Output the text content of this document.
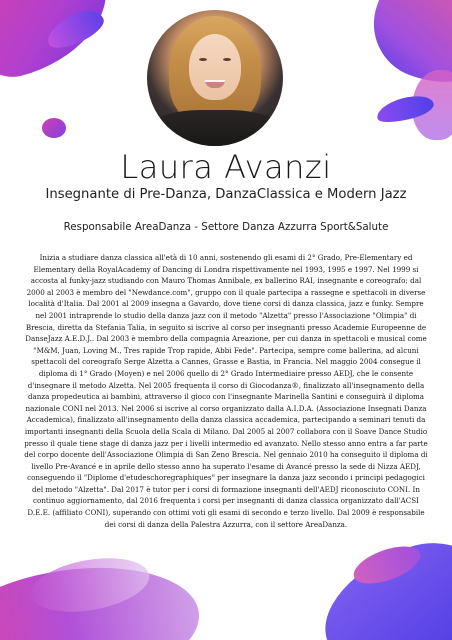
Laura Avanzi
Insegnante di Pre-Danza, DanzaClassica e Modern Jazz
Responsabile AreaDanza - Settore Danza Azzurra Sport&Salute

Inizia a studiare danza classica all'età di 10 anni, sostenendo gli esami di 2° Grado, Pre-Elementary ed Elementary della RoyalAcademy of Dancing di Londra rispettivamente nel 1993, 1995 e 1997. Nel 1999 si accosta al funky-jazz studiando con Mauro Thomas Annibale, ex ballerino RAI, insegnante e coreografo; dal 2000 al 2003 è membro del "Newdance.com", gruppo con il quale partecipa a rassegne e spettacoli in diverse località d'Italia. Dal 2001 al 2009 insegna a Gavardo, dove tiene corsi di danza classica, jazz e funky. Sempre nel 2001 intraprende lo studio della danza jazz con il metodo "Alzetta" presso l'Associazione "Olimpia" di Brescia, diretta da Stefania Talia, in seguito si iscrive al corso per insegnanti presso Academie Europeenne de DanseJazz A.E.D.J.. Dal 2003 è membro della compagnia Areazione, per cui danza in spettacoli e musical come "M&M, Juan, Loving M., Tres rapide Trop rapide, Abbi Fede". Partecipa, sempre come ballerina, ad alcuni spettacoli del coreografo Serge Alzetta a Cannes, Grasse e Bastia, in Francia. Nel maggio 2004 consegue il diploma di 1° Grado (Moyen) e nel 2006 quello di 2° Grado Intermediaire presso AEDJ, che le consente d'insegnare il metodo Alzetta. Nel 2005 frequenta il corso di Giocodanza®, finalizzato all'insegnamento della danza propedeutica ai bambini, attraverso il gioco con l'insegnante Marinella Santini e conseguirà il diploma nazionale CONI nel 2013. Nel 2006 si iscrive al corso organizzato dalla A.I.D.A. (Associazione Insegnati Danza Accademica), finalizzato all'insegnamento della danza classica accademica, partecipando a seminari tenuti da importanti insegnanti della Scuola della Scala di Milano. Dal 2005 al 2007 collabora con il Soave Dance Studio presso il quale tiene stage di danza jazz per i livelli intermedio ed avanzato. Nello stesso anno entra a far parte del corpo docente dell'Associazione Olimpia di San Zeno Brescia. Nel gennaio 2010 ha conseguito il diploma di livello Pre-Avancé e in aprile dello stesso anno ha superato l'esame di Avancé presso la sede di Nizza AEDJ, conseguendo il "Diplome d'etudeschoregraphiques" per insegnare la danza jazz secondo i principi pedagogici del metodo "Alzetta". Dal 2017 è tutor per i corsi di formazione insegnanti dell'AEDJ riconosciuto CONI. In continuo aggiornamento, dal 2016 frequenta i corsi per insegnanti di danza classica organizzato dall'ACSI D.E.E. (affiliato CONI), superando con ottimi voti gli esami di secondo e terzo livello. Dal 2009 è responsabile dei corsi di danza della Palestra Azzurra, con il settore AreaDanza.
